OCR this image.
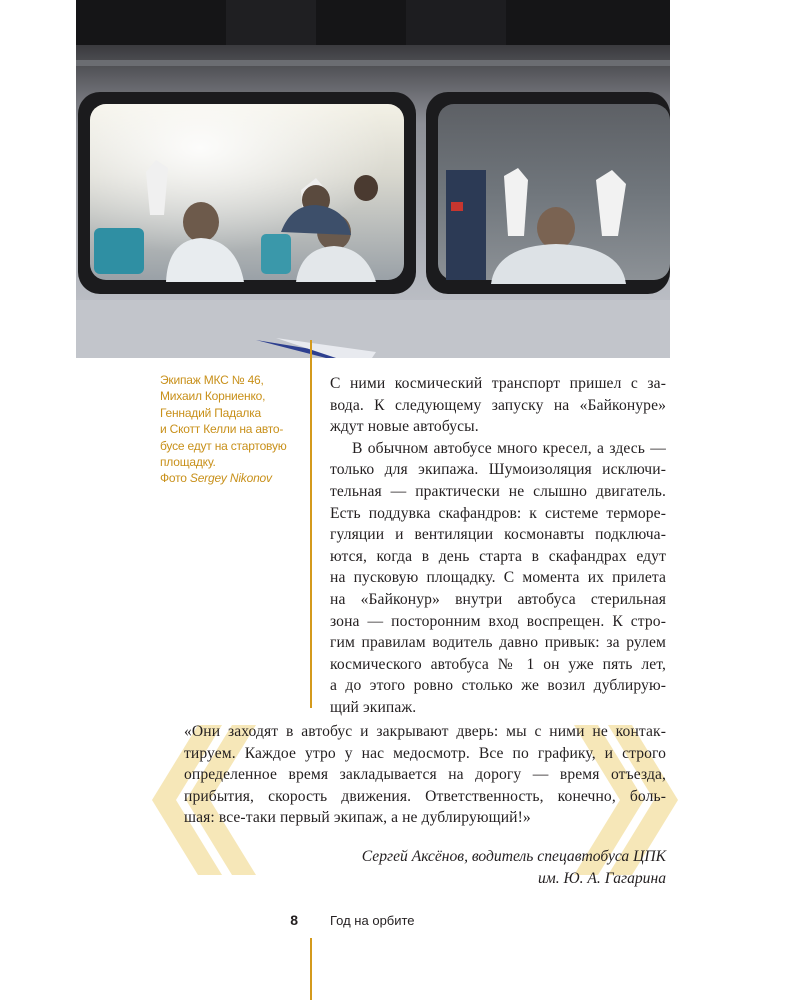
Экипаж МКС № 46,
Михаил Корниенко,
Геннадий Падалка
и Скотт Келли на авто-
бусе едут на стартовую
площадку.
Фото Sergey Nikonov
С ними космический транспорт пришел с за-
вода. К следующему запуску на «Байконуре»
ждут новые автобусы.
В обычном автобусе много кресел, а здесь —
только для экипажа. Шумоизоляция исключи-
тельная — практически не слышно двигатель.
Есть поддувка скафандров: к системе терморе-
гуляции и вентиляции космонавты подключа-
ются, когда в день старта в скафандрах едут
на пусковую площадку. С момента их прилета
на «Байконур» внутри автобуса стерильная
зона — посторонним вход воспрещен. К стро-
гим правилам водитель давно привык: за рулем
космического автобуса № 1 он уже пять лет,
а до этого ровно столько же возил дублирую-
щий экипаж.
«Они заходят в автобус и закрывают дверь: мы с ними не контак-
тируем. Каждое утро у нас медосмотр. Все по графику, и строго
определенное время закладывается на дорогу — время отъезда,
прибытия, скорость движения. Ответственность, конечно, боль-
шая: все-таки первый экипаж, а не дублирующий!»
Сергей Аксёнов, водитель спецавтобуса ЦПК
им. Ю. А. Гагарина
8 Год на орбите
